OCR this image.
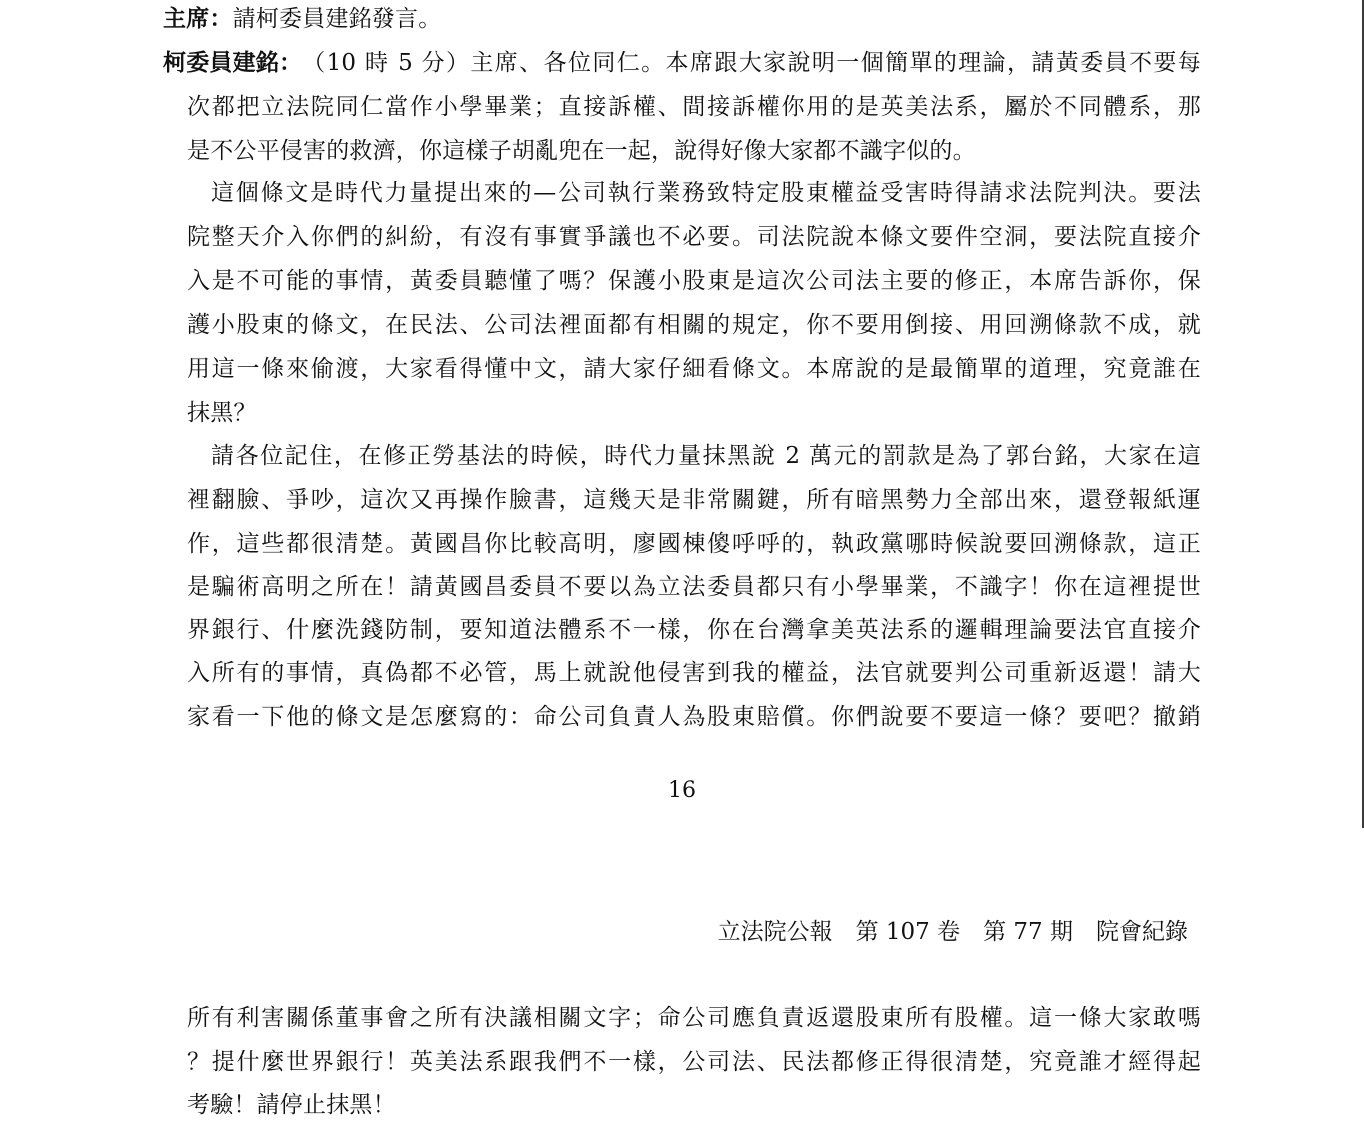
主席：請柯委員建銘發言。
柯委員建銘： （10 時 5 分）主席、各位同仁。本席跟大家說明一個簡單的理論，請黃委員不要每
次都把立法院同仁當作小學畢業；直接訴權、間接訴權你用的是英美法系，屬於不同體系，那
是不公平侵害的救濟，你這樣子胡亂兜在一起，說得好像大家都不識字似的。
這個條文是時代力量提出來的—公司執行業務致特定股東權益受害時得請求法院判決。要法
院整天介入你們的糾紛，有沒有事實爭議也不必要。司法院說本條文要件空洞，要法院直接介
入是不可能的事情，黃委員聽懂了嗎？保護小股東是這次公司法主要的修正，本席告訴你，保
護小股東的條文，在民法、公司法裡面都有相關的規定，你不要用倒接、用回溯條款不成，就
用這一條來偷渡，大家看得懂中文，請大家仔細看條文。本席說的是最簡單的道理，究竟誰在
抹黑？
請各位記住，在修正勞基法的時候，時代力量抹黑說 2 萬元的罰款是為了郭台銘，大家在這
裡翻臉、爭吵，這次又再操作臉書，這幾天是非常關鍵，所有暗黑勢力全部出來，還登報紙運
作，這些都很清楚。黃國昌你比較高明，廖國棟傻呼呼的，執政黨哪時候說要回溯條款，這正
是騙術高明之所在！請黃國昌委員不要以為立法委員都只有小學畢業，不識字！你在這裡提世
界銀行、什麼洗錢防制，要知道法體系不一樣，你在台灣拿美英法系的邏輯理論要法官直接介
入所有的事情，真偽都不必管，馬上就說他侵害到我的權益，法官就要判公司重新返還！請大
家看一下他的條文是怎麼寫的：命公司負責人為股東賠償。你們說要不要這一條？要吧？撤銷
16
立法院公報　第 107 卷　第 77 期　院會紀錄
所有利害關係董事會之所有決議相關文字；命公司應負責返還股東所有股權。這一條大家敢嗎
？提什麼世界銀行！英美法系跟我們不一樣，公司法、民法都修正得很清楚，究竟誰才經得起
考驗！請停止抹黑！
